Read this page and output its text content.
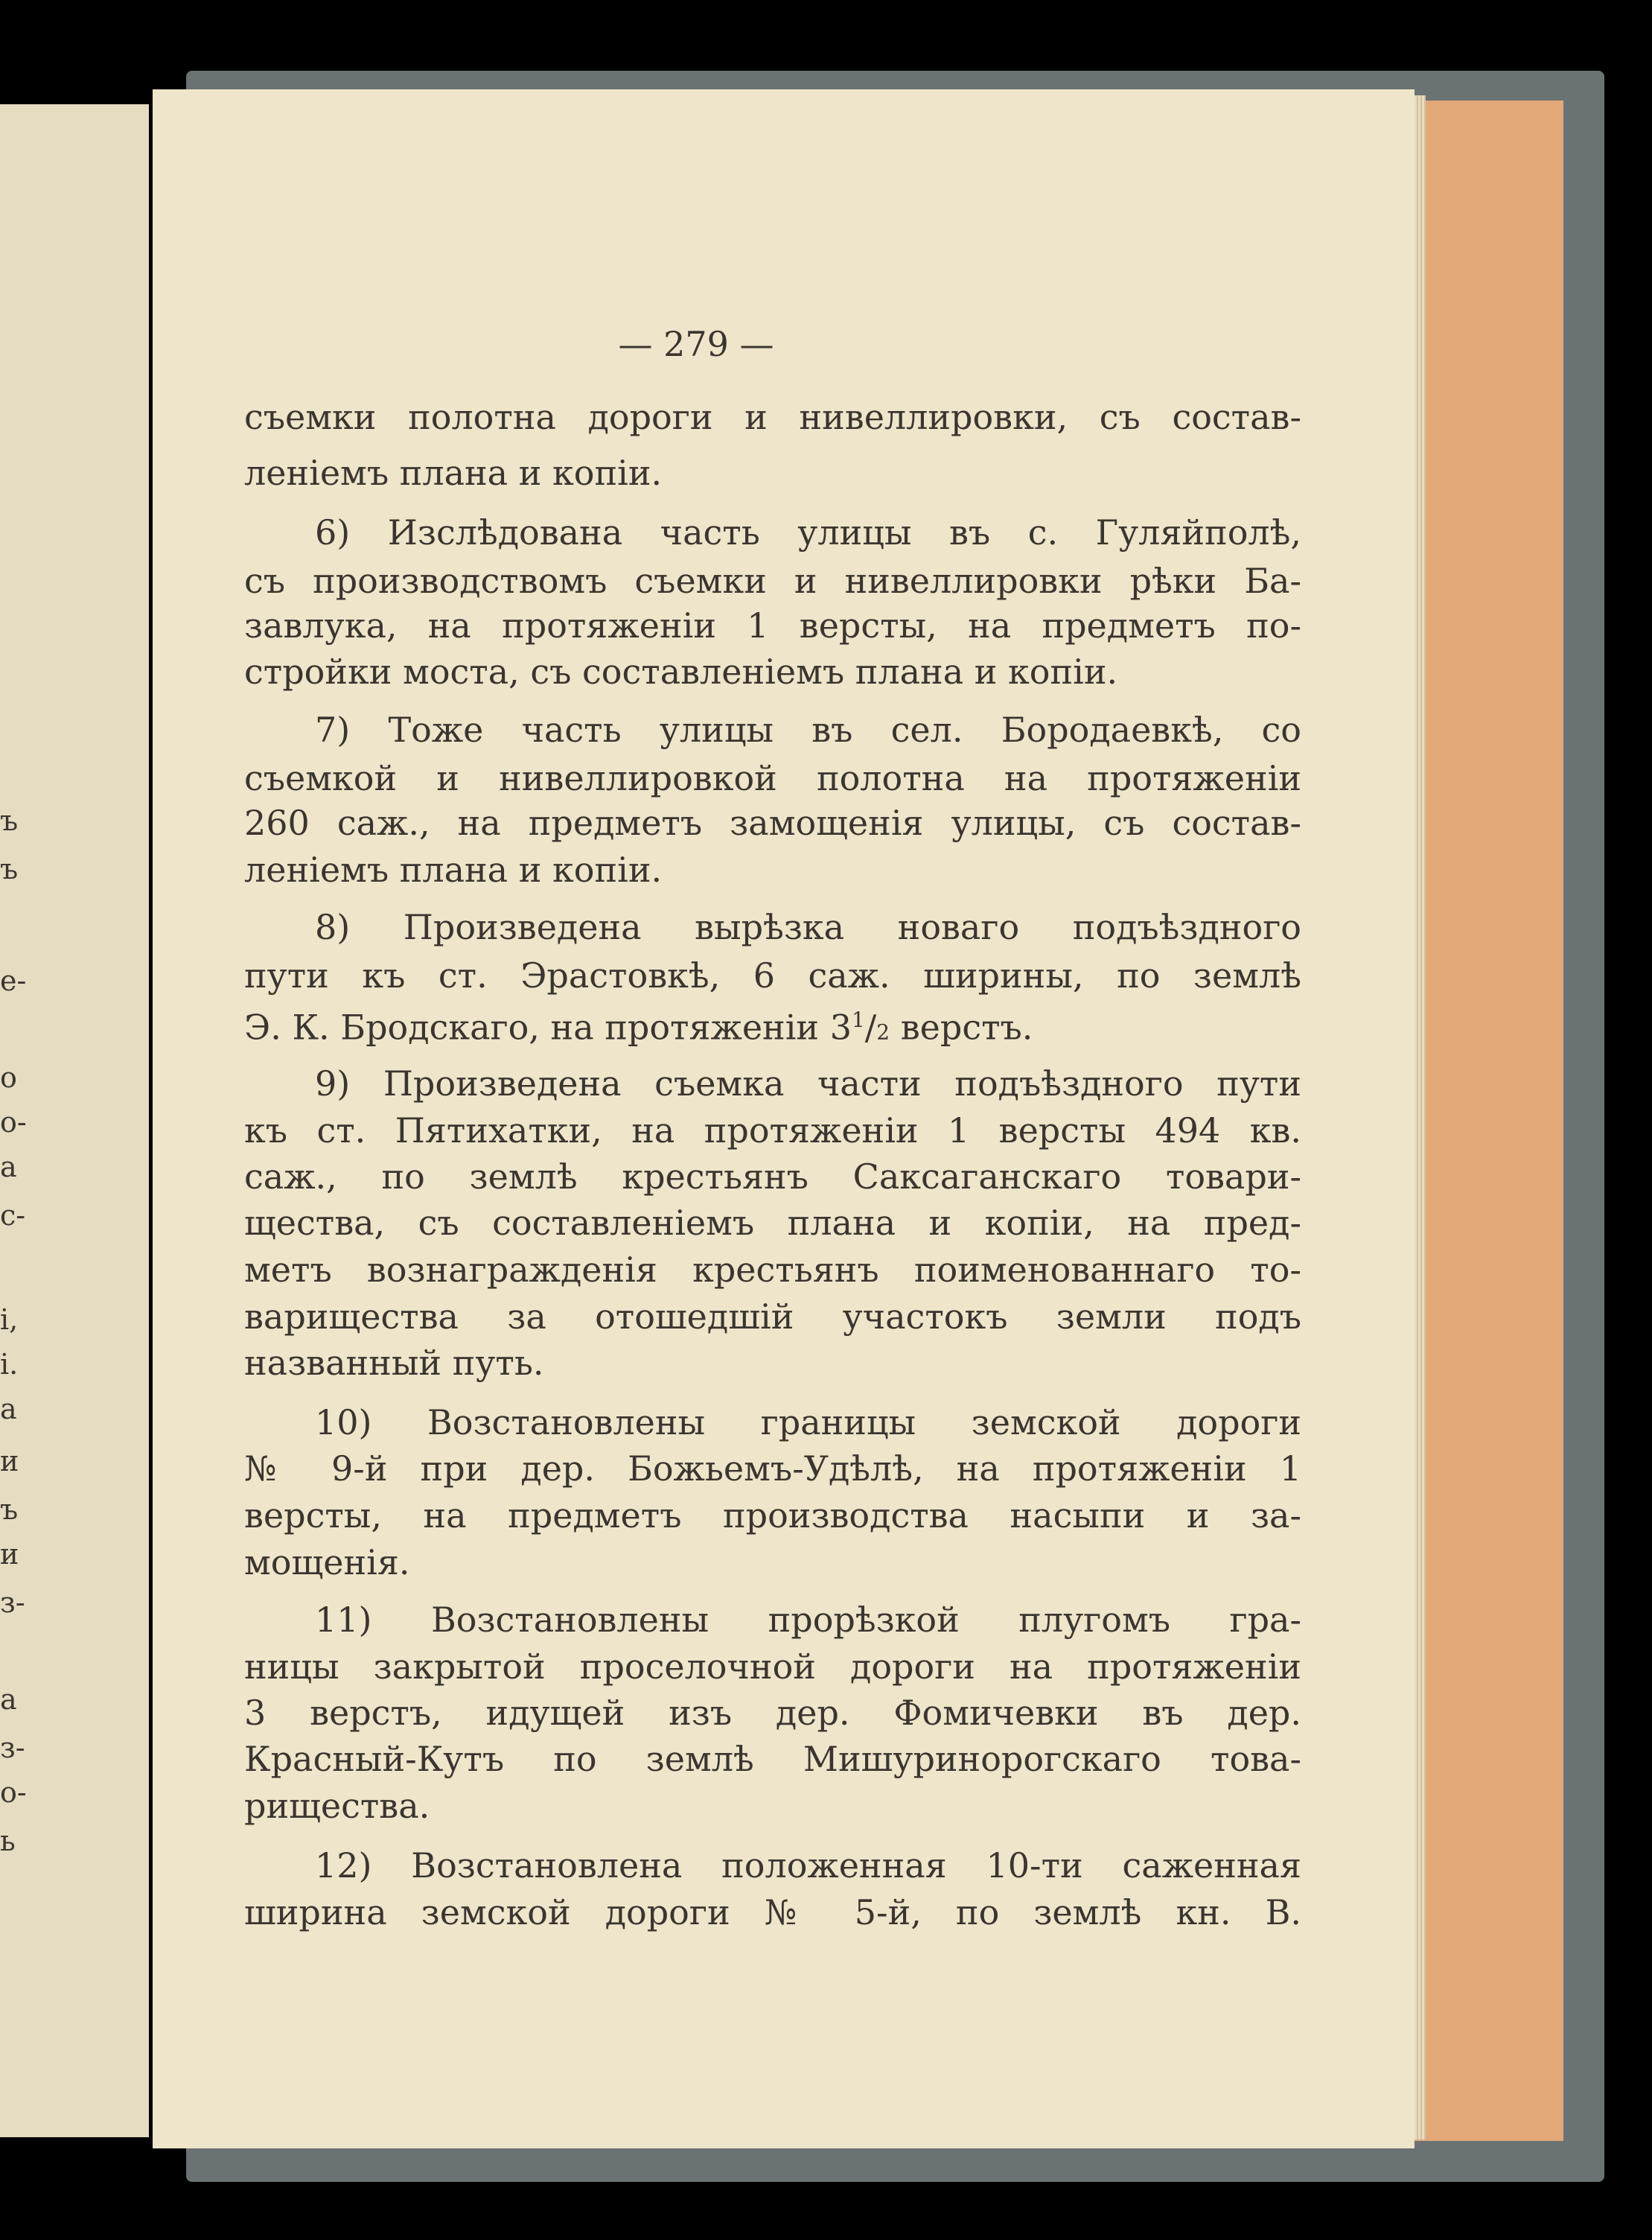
ъ
ъ
е-
о
о-
а
с-
і,
і.
а
и
ъ
и
з-
а
з-
о-
ь
— 279 —
съемки полотна дороги и нивеллировки, съ состав-
леніемъ плана и копіи.
6) Изслѣдована часть улицы въ с. Гуляйполѣ,
съ производствомъ съемки и нивеллировки рѣки Ба-
завлука, на протяженіи 1 версты, на предметъ по-
стройки моста, съ составленіемъ плана и копіи.
7) Тоже часть улицы въ сел. Бородаевкѣ, со
съемкой и нивеллировкой полотна на протяженіи
260 саж., на предметъ замощенія улицы, съ состав-
леніемъ плана и копіи.
8) Произведена вырѣзка новаго подъѣздного
пути къ ст. Эрастовкѣ, 6 саж. ширины, по землѣ
Э. К. Бродскаго, на протяженіи $3^1/2$ верстъ.
9) Произведена съемка части подъѣздного пути
къ ст. Пятихатки, на протяженіи 1 версты 494 кв.
саж., по землѣ крестьянъ Саксаганскаго товари-
щества, съ составленіемъ плана и копіи, на пред-
метъ вознагражденія крестьянъ поименованнаго то-
варищества за отошедшій участокъ земли подъ
названный путь.
10) Возстановлены границы земской дороги
№ 9-й при дер. Божьемъ-Удѣлѣ, на протяженіи 1
версты, на предметъ производства насыпи и за-
мощенія.
11) Возстановлены прорѣзкой плугомъ гра-
ницы закрытой проселочной дороги на протяженіи
3 верстъ, идущей изъ дер. Фомичевки въ дер.
Красный-Кутъ по землѣ Мишуринорогскаго това-
рищества.
12) Возстановлена положенная 10-ти саженная
ширина земской дороги № 5-й, по землѣ кн. В.
